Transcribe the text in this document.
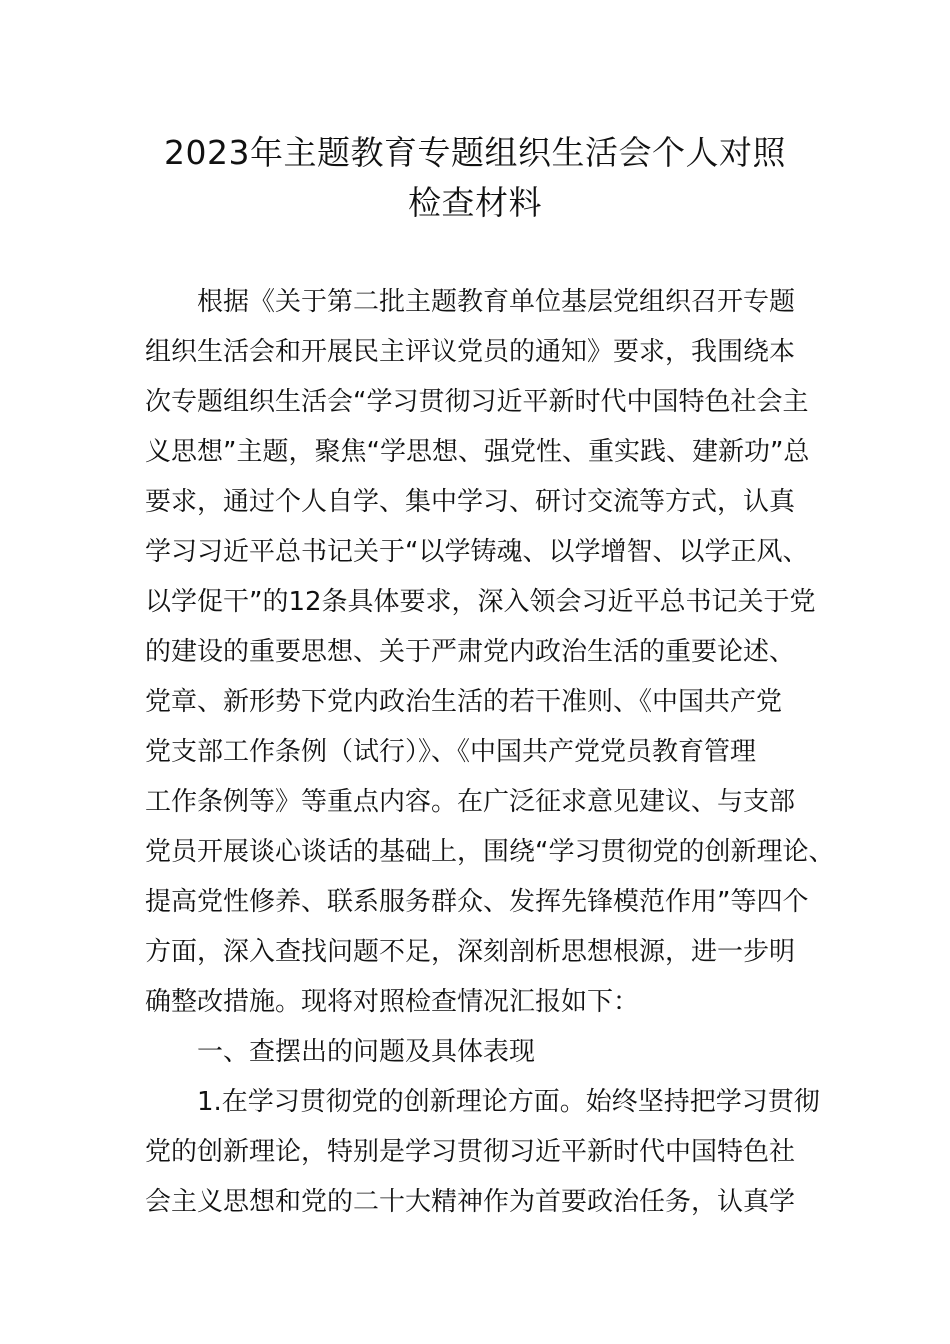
2023年主题教育专题组织生活会个人对照
检查材料
根据《关于第二批主题教育单位基层党组织召开专题
组织生活会和开展民主评议党员的通知》要求，我围绕本
次专题组织生活会“学习贯彻习近平新时代中国特色社会主
义思想”主题，聚焦“学思想、强党性、重实践、建新功”总
要求，通过个人自学、集中学习、研讨交流等方式，认真
学习习近平总书记关于“以学铸魂、以学增智、以学正风、
以学促干”的12条具体要求，深入领会习近平总书记关于党
的建设的重要思想、关于严肃党内政治生活的重要论述、
党章、新形势下党内政治生活的若干准则、《中国共产党
党支部工作条例（试行）》、《中国共产党党员教育管理
工作条例等》等重点内容。在广泛征求意见建议、与支部
党员开展谈心谈话的基础上，围绕“学习贯彻党的创新理论、
提高党性修养、联系服务群众、发挥先锋模范作用”等四个
方面，深入查找问题不足，深刻剖析思想根源，进一步明
确整改措施。现将对照检查情况汇报如下：
一、查摆出的问题及具体表现
1.在学习贯彻党的创新理论方面。始终坚持把学习贯彻
党的创新理论，特别是学习贯彻习近平新时代中国特色社
会主义思想和党的二十大精神作为首要政治任务，认真学
